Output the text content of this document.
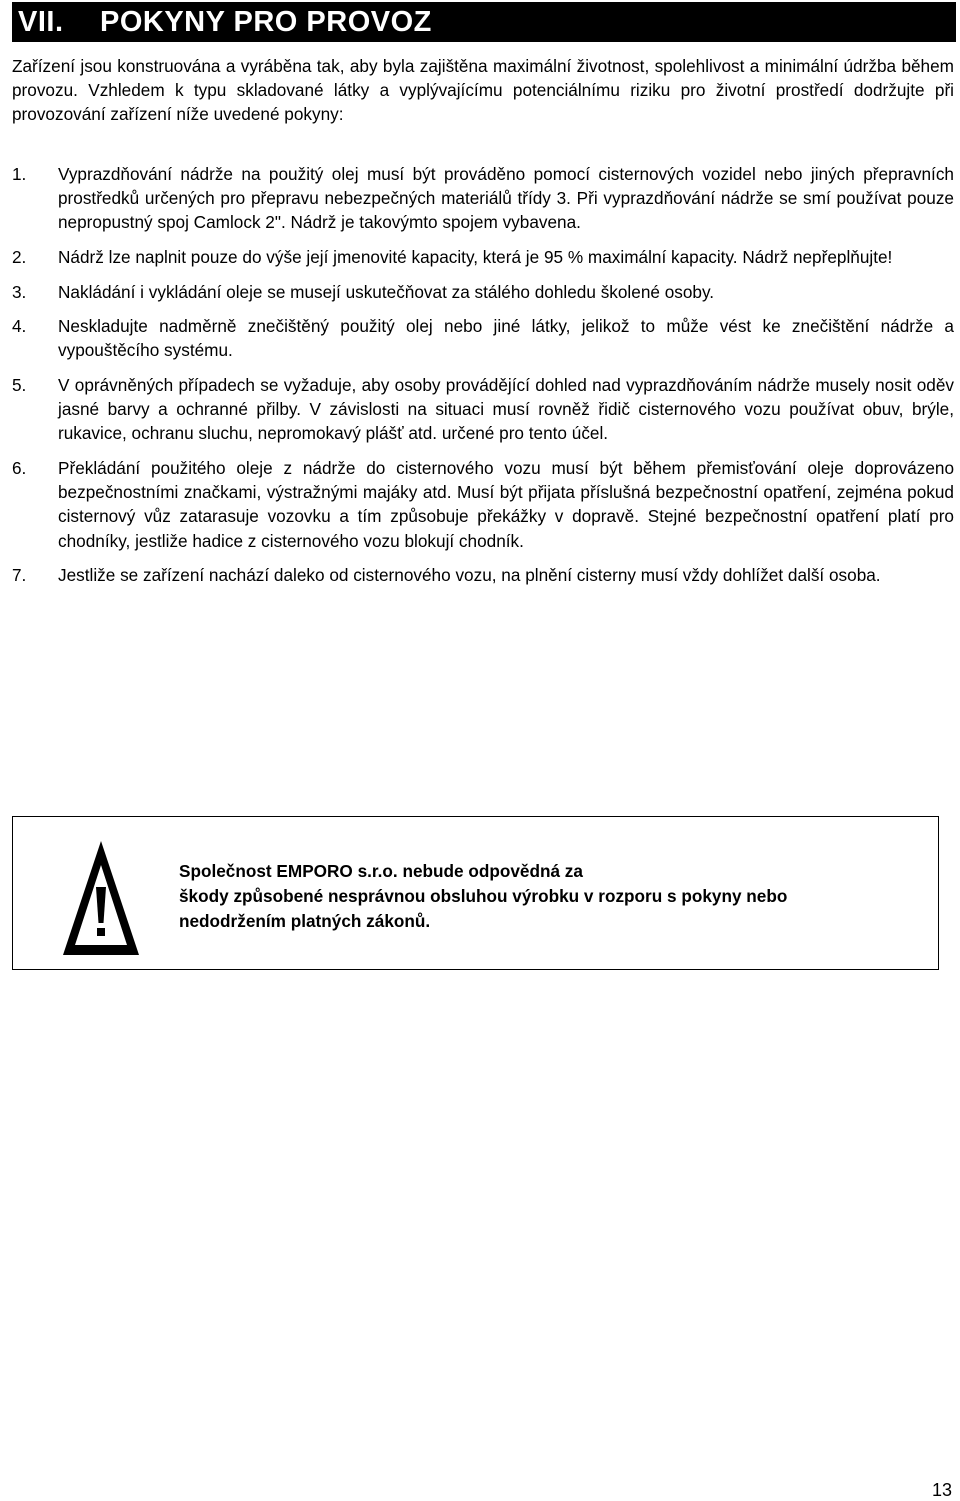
VII.	POKYNY PRO PROVOZ
Zařízení jsou konstruována a vyráběna tak, aby byla zajištěna maximální životnost, spolehlivost a minimální údržba během provozu. Vzhledem k typu skladované látky a vyplývajícímu potenciálnímu riziku pro životní prostředí dodržujte při provozování zařízení níže uvedené pokyny:
1.	Vyprazdňování nádrže na použitý olej musí být prováděno pomocí cisternových vozidel nebo jiných přepravních prostředků určených pro přepravu nebezpečných materiálů třídy 3. Při vyprazdňování nádrže se smí používat pouze nepropustný spoj Camlock 2". Nádrž je takovýmto spojem vybavena.
2.	Nádrž lze naplnit pouze do výše její jmenovité kapacity, která je 95 % maximální kapacity. Nádrž nepřeplňujte!
3.	Nakládání i vykládání oleje se musejí uskutečňovat za stálého dohledu školené osoby.
4.	Neskladujte nadměrně znečištěný použitý olej nebo jiné látky, jelikož to může vést ke znečištění nádrže a vypouštěcího systému.
5.	V oprávněných případech se vyžaduje, aby osoby provádějící dohled nad vyprazdňováním nádrže musely nosit oděv jasné barvy a ochranné přilby. V závislosti na situaci musí rovněž řidič cisternového vozu používat obuv, brýle, rukavice, ochranu sluchu, nepromokavý plášť atd. určené pro tento účel.
6.	Překládání použitého oleje z nádrže do cisternového vozu musí být během přemisťování oleje doprovázeno bezpečnostními značkami, výstražnými majáky atd. Musí být přijata příslušná bezpečnostní opatření, zejména pokud cisternový vůz zatarasuje vozovku a tím způsobuje překážky v dopravě. Stejné bezpečnostní opatření platí pro chodníky, jestliže hadice z cisternového vozu blokují chodník.
7.	Jestliže se zařízení nachází daleko od cisternového vozu, na plnění cisterny musí vždy dohlížet další osoba.
Společnost EMPORO s.r.o. nebude odpovědná za
škody způsobené nesprávnou obsluhou výrobku v rozporu s pokyny nebo
nedodržením platných zákonů.
13
